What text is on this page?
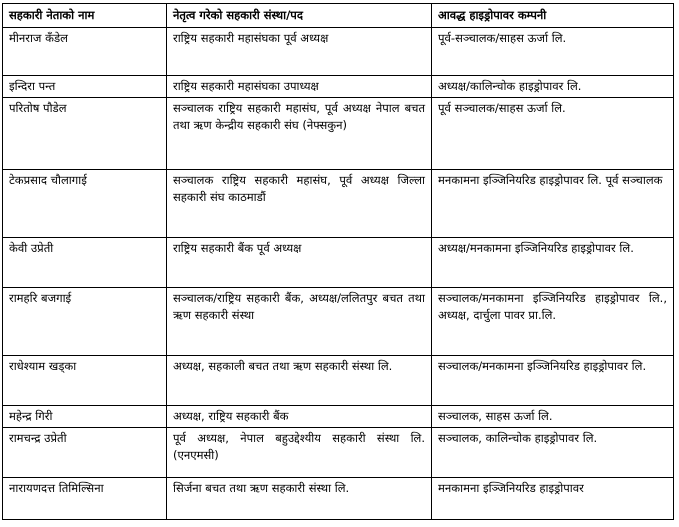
सहकारी नेताको नाम	नेतृत्व गरेको सहकारी संस्था/पद	आवद्ध हाइड्रोपावर कम्पनी
मीनराज कँडेल	राष्ट्रिय सहकारी महासंघका पूर्व अध्यक्ष	पूर्व-सञ्चालक/साहस ऊर्जा लि.
इन्दिरा पन्त	राष्ट्रिय सहकारी महासंघका उपाध्यक्ष	अध्यक्ष/कालिन्चोक हाइड्रोपावर लि.
परितोष पौडेल	सञ्चालक राष्ट्रिय सहकारी महासंघ, पूर्व अध्यक्ष नेपाल बचत तथा ऋण केन्द्रीय सहकारी संघ (नेफ्सकुन)	पूर्व सञ्चालक/साहस ऊर्जा लि.
टेकप्रसाद चौलागाई	सञ्चालक राष्ट्रिय सहकारी महासंघ, पूर्व अध्यक्ष जिल्ला सहकारी संघ काठमाडौं	मनकामना इञ्जिनियरिड हाइड्रोपावर लि. पूर्व सञ्चालक
केवी उप्रेती	राष्ट्रिय सहकारी बैंक पूर्व अध्यक्ष	अध्यक्ष/मनकामना इञ्जिनियरिड हाइड्रोपावर लि.
रामहरि बजगाई	सञ्चालक/राष्ट्रिय सहकारी बैंक, अध्यक्ष/ललितपुर बचत तथा ऋण सहकारी संस्था	सञ्चालक/मनकामना इञ्जिनियरिड हाइड्रोपावर लि., अध्यक्ष, दार्चुला पावर प्रा.लि.
राधेश्याम खड्का	अध्यक्ष, सहकाली बचत तथा ऋण सहकारी संस्था लि.	सञ्चालक/मनकामना इञ्जिनियरिड हाइड्रोपावर लि.
महेन्द्र गिरी	अध्यक्ष, राष्ट्रिय सहकारी बैंक	सञ्चालक, साहस ऊर्जा लि.
रामचन्द्र उप्रेती	पूर्व अध्यक्ष, नेपाल बहुउद्देश्यीय सहकारी संस्था लि. (एनएमसी)	सञ्चालक, कालिन्चोक हाइड्रोपावर लि.
नारायणदत्त तिमिल्सिना	सिर्जना बचत तथा ऋण सहकारी संस्था लि.	मनकामना इञ्जिनियरिड हाइड्रोपावर
